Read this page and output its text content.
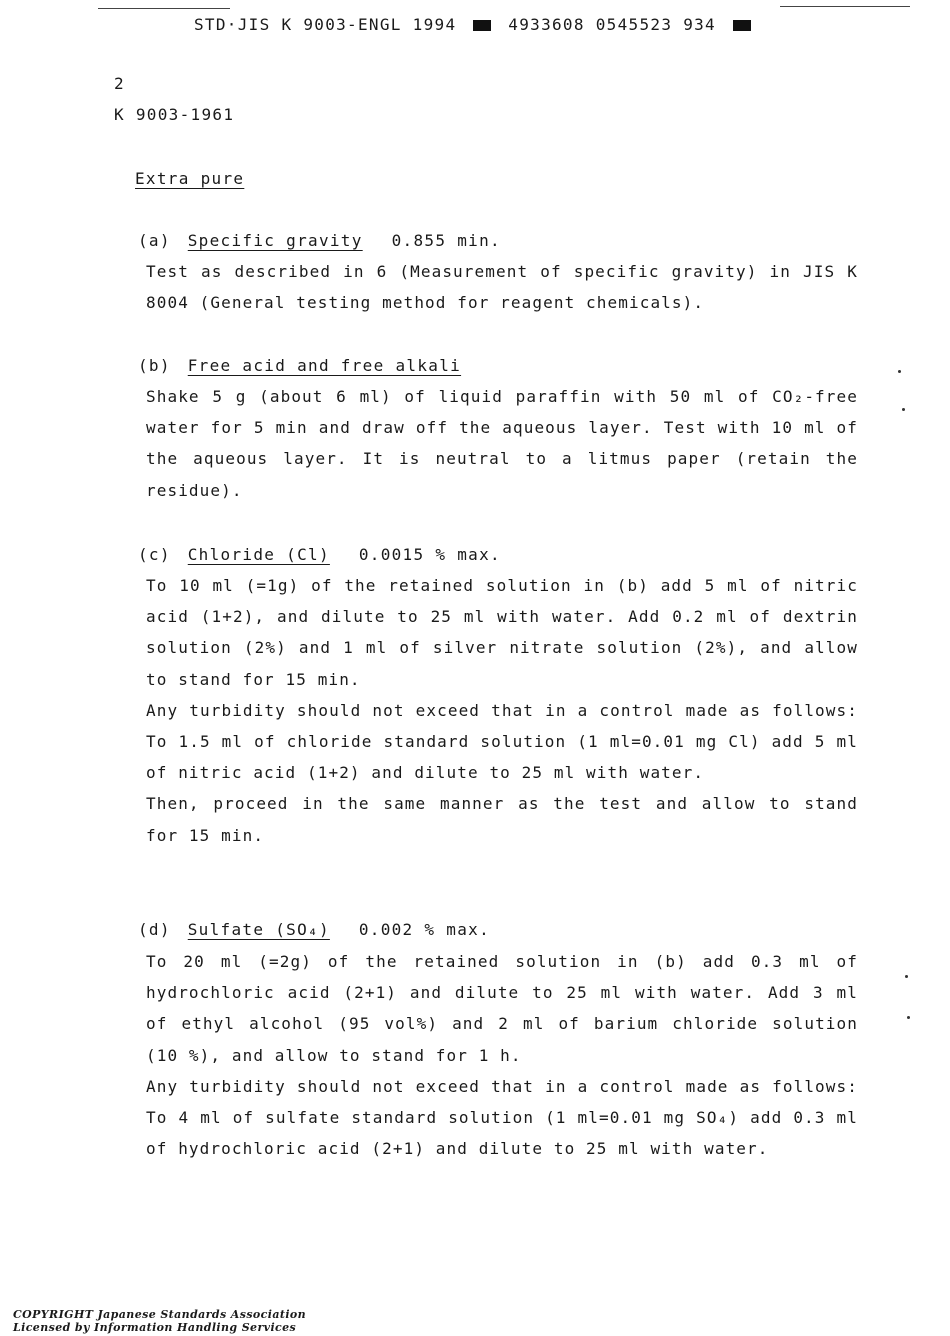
STD·JIS K 9003-ENGL 1994	4933608 0545523 934
2
K 9003-1961
Extra pure
(a) Specific gravity 0.855 min.

Test as described in 6 (Measurement of specific gravity) in JIS K 8004 (General testing method for reagent chemicals).

(b) Free acid and free alkali

Shake 5 g (about 6 ml) of liquid paraffin with 50 ml of CO₂-free water for 5 min and draw off the aqueous layer. Test with 10 ml of the aqueous layer. It is neutral to a litmus paper (retain the residue).

(c) Chloride (Cl) 0.0015 % max.

To 10 ml (=1g) of the retained solution in (b) add 5 ml of nitric acid (1+2), and dilute to 25 ml with water. Add 0.2 ml of dextrin solution (2%) and 1 ml of silver nitrate solution (2%), and allow to stand for 15 min.

Any turbidity should not exceed that in a control made as follows: To 1.5 ml of chloride standard solution (1 ml=0.01 mg Cl) add 5 ml of nitric acid (1+2) and dilute to 25 ml with water.

Then, proceed in the same manner as the test and allow to stand for 15 min.

(d) Sulfate (SO₄) 0.002 % max.

To 20 ml (=2g) of the retained solution in (b) add 0.3 ml of hydrochloric acid (2+1) and dilute to 25 ml with water. Add 3 ml of ethyl alcohol (95 vol%) and 2 ml of barium chloride solution (10 %), and allow to stand for 1 h.

Any turbidity should not exceed that in a control made as follows: To 4 ml of sulfate standard solution (1 ml=0.01 mg SO₄) add 0.3 ml of hydrochloric acid (2+1) and dilute to 25 ml with water.

COPYRIGHT Japanese Standards Association
Licensed by Information Handling Services
